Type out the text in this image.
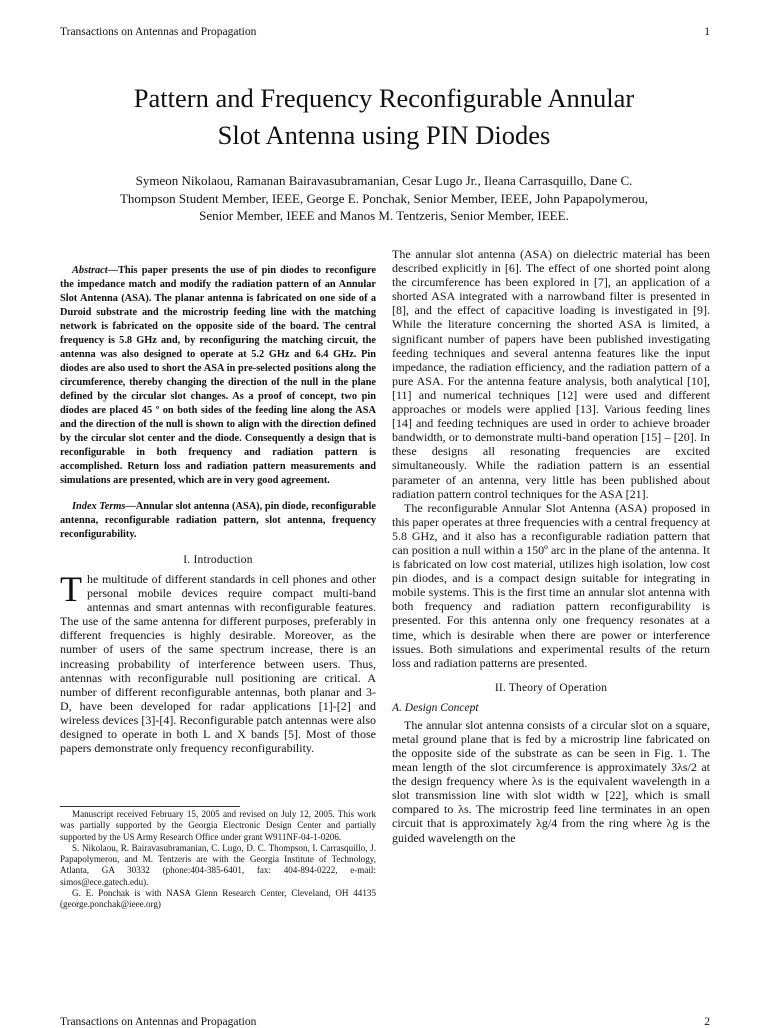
Transactions on Antennas and Propagation	1
Pattern and Frequency Reconfigurable Annular
Slot Antenna using PIN Diodes
Symeon Nikolaou, Ramanan Bairavasubramanian, Cesar Lugo Jr., Ileana Carrasquillo, Dane C.
Thompson Student Member, IEEE, George E. Ponchak, Senior Member, IEEE, John Papapolymerou,
Senior Member, IEEE and Manos M. Tentzeris, Senior Member, IEEE.

Abstract—This paper presents the use of pin diodes to reconfigure the impedance match and modify the radiation pattern of an Annular Slot Antenna (ASA). The planar antenna is fabricated on one side of a Duroid substrate and the microstrip feeding line with the matching network is fabricated on the opposite side of the board. The central frequency is 5.8 GHz and, by reconfiguring the matching circuit, the antenna was also designed to operate at 5.2 GHz and 6.4 GHz. Pin diodes are also used to short the ASA in pre-selected positions along the circumference, thereby changing the direction of the null in the plane defined by the circular slot changes. As a proof of concept, two pin diodes are placed 45 º on both sides of the feeding line along the ASA and the direction of the null is shown to align with the direction defined by the circular slot center and the diode. Consequently a design that is reconfigurable in both frequency and radiation pattern is accomplished. Return loss and radiation pattern measurements and simulations are presented, which are in very good agreement.

Index Terms—Annular slot antenna (ASA), pin diode, reconfigurable antenna, reconfigurable radiation pattern, slot antenna, frequency reconfigurability.

I. Introduction

The multitude of different standards in cell phones and other personal mobile devices require compact multi-band antennas and smart antennas with reconfigurable features. The use of the same antenna for different purposes, preferably in different frequencies is highly desirable. Moreover, as the number of users of the same spectrum increase, there is an increasing probability of interference between users. Thus, antennas with reconfigurable null positioning are critical. A number of different reconfigurable antennas, both planar and 3-D, have been developed for radar applications [1]-[2] and wireless devices [3]-[4]. Reconfigurable patch antennas were also designed to operate in both L and X bands [5]. Most of those papers demonstrate only frequency reconfigurability.

Manuscript received February 15, 2005 and revised on July 12, 2005. This work was partially supported by the Georgia Electronic Design Center and partially supported by the US Army Research Office under grant W911NF-04-1-0206.

S. Nikolaou, R. Bairavasubramanian, C. Lugo, D. C. Thompson, I. Carrasquillo, J. Papapolymerou, and M. Tentzeris are with the Georgia Institute of Technology, Atlanta, GA 30332 (phone:404-385-6401, fax: 404-894-0222, e-mail: simos@ece.gatech.edu).

G. E. Ponchak is with NASA Glenn Research Center, Cleveland, OH 44135 (george.ponchak@ieee.org)

The annular slot antenna (ASA) on dielectric material has been described explicitly in [6]. The effect of one shorted point along the circumference has been explored in [7], an application of a shorted ASA integrated with a narrowband filter is presented in [8], and the effect of capacitive loading is investigated in [9]. While the literature concerning the shorted ASA is limited, a significant number of papers have been published investigating feeding techniques and several antenna features like the input impedance, the radiation efficiency, and the radiation pattern of a pure ASA. For the antenna feature analysis, both analytical [10], [11] and numerical techniques [12] were used and different approaches or models were applied [13]. Various feeding lines [14] and feeding techniques are used in order to achieve broader bandwidth, or to demonstrate multi-band operation [15] – [20]. In these designs all resonating frequencies are excited simultaneously. While the radiation pattern is an essential parameter of an antenna, very little has been published about radiation pattern control techniques for the ASA [21].

The reconfigurable Annular Slot Antenna (ASA) proposed in this paper operates at three frequencies with a central frequency at 5.8 GHz, and it also has a reconfigurable radiation pattern that can position a null within a 150º arc in the plane of the antenna. It is fabricated on low cost material, utilizes high isolation, low cost pin diodes, and is a compact design suitable for integrating in mobile systems. This is the first time an annular slot antenna with both frequency and radiation pattern reconfigurability is presented. For this antenna only one frequency resonates at a time, which is desirable when there are power or interference issues. Both simulations and experimental results of the return loss and radiation patterns are presented.

II. Theory of Operation
A. Design Concept

The annular slot antenna consists of a circular slot on a square, metal ground plane that is fed by a microstrip line fabricated on the opposite side of the substrate as can be seen in Fig. 1. The mean length of the slot circumference is approximately 3λs/2 at the design frequency where λs is the equivalent wavelength in a slot transmission line with slot width w [22], which is small compared to λs. The microstrip feed line terminates in an open circuit that is approximately λg/4 from the ring where λg is the guided wavelength on the

Transactions on Antennas and Propagation	2
